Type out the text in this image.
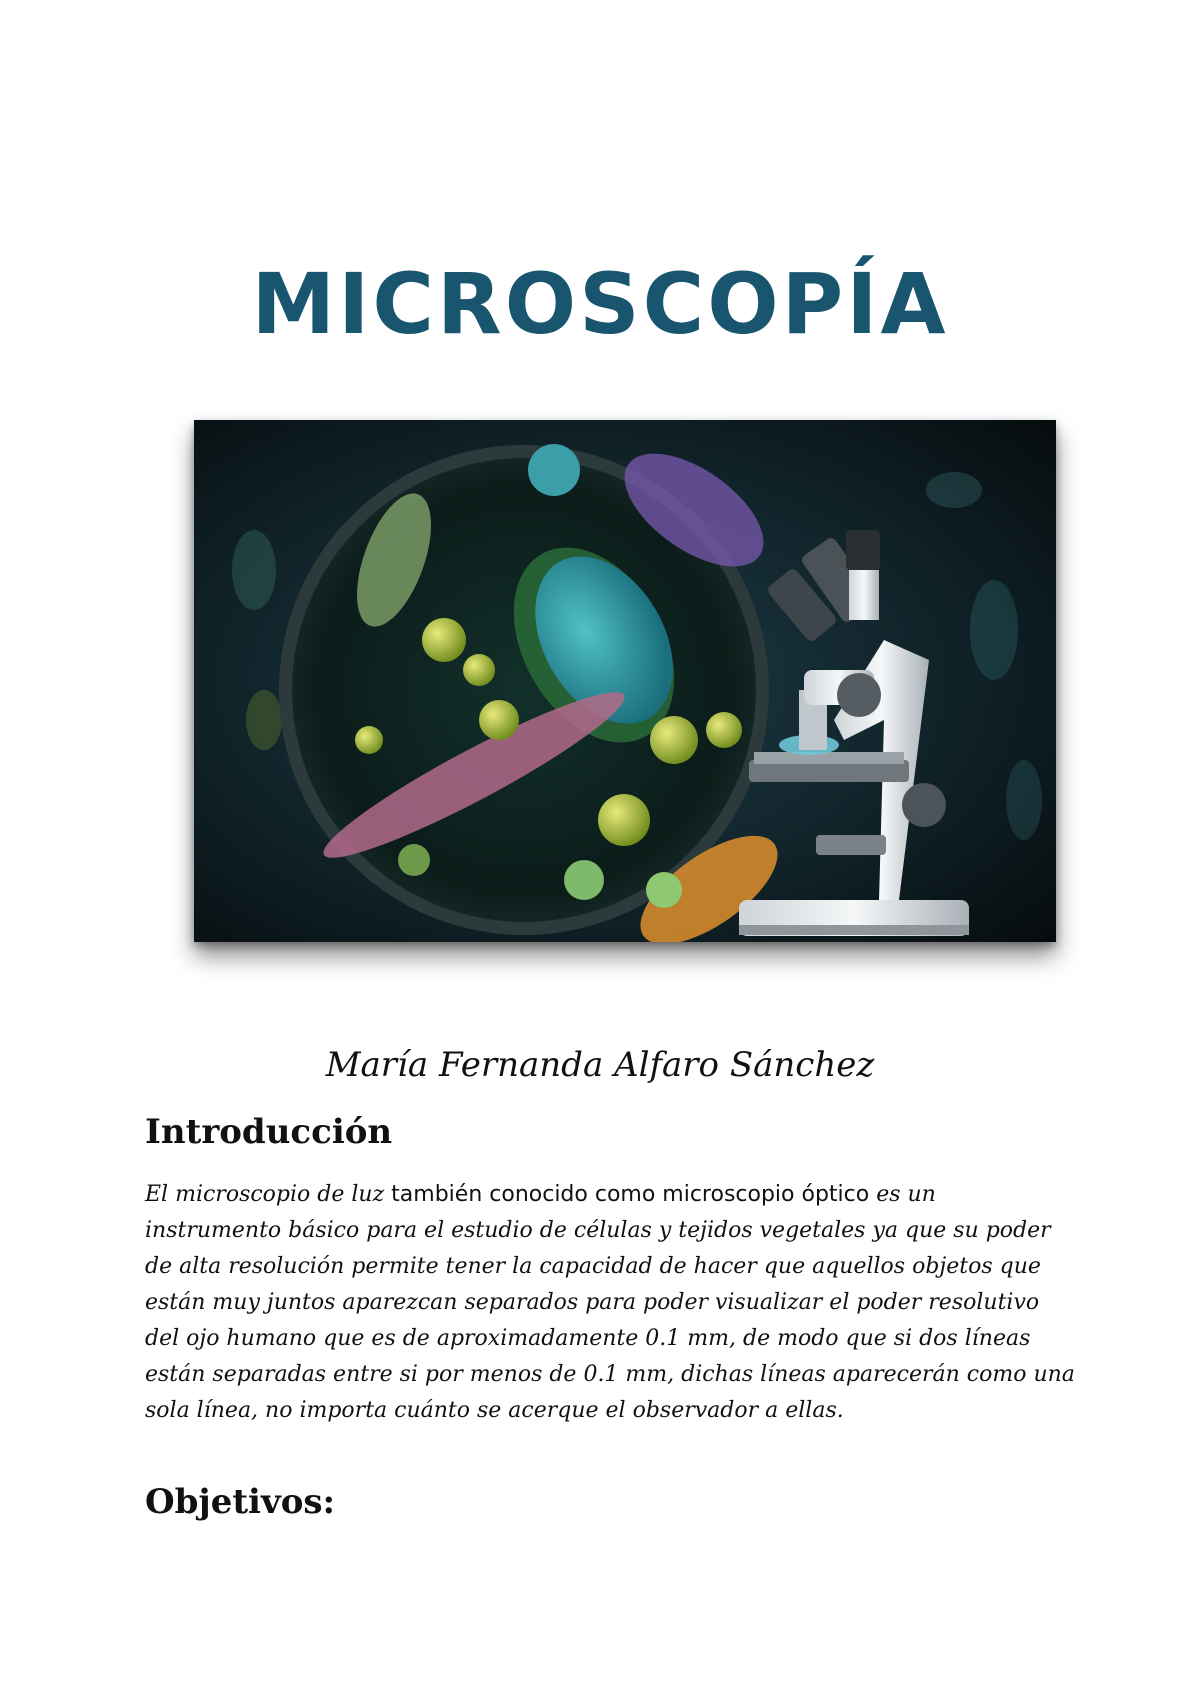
MICROSCOPÍA

María Fernanda Alfaro Sánchez

Introducción

El microscopio de luz también conocido como microscopio óptico es un instrumento básico para el estudio de células y tejidos vegetales ya que su poder de alta resolución permite tener la capacidad de hacer que aquellos objetos que están muy juntos aparezcan separados para poder visualizar el poder resolutivo del ojo humano que es de aproximadamente 0.1 mm, de modo que si dos líneas están separadas entre si por menos de 0.1 mm, dichas líneas aparecerán como una sola línea, no importa cuánto se acerque el observador a ellas.

Objetivos:
